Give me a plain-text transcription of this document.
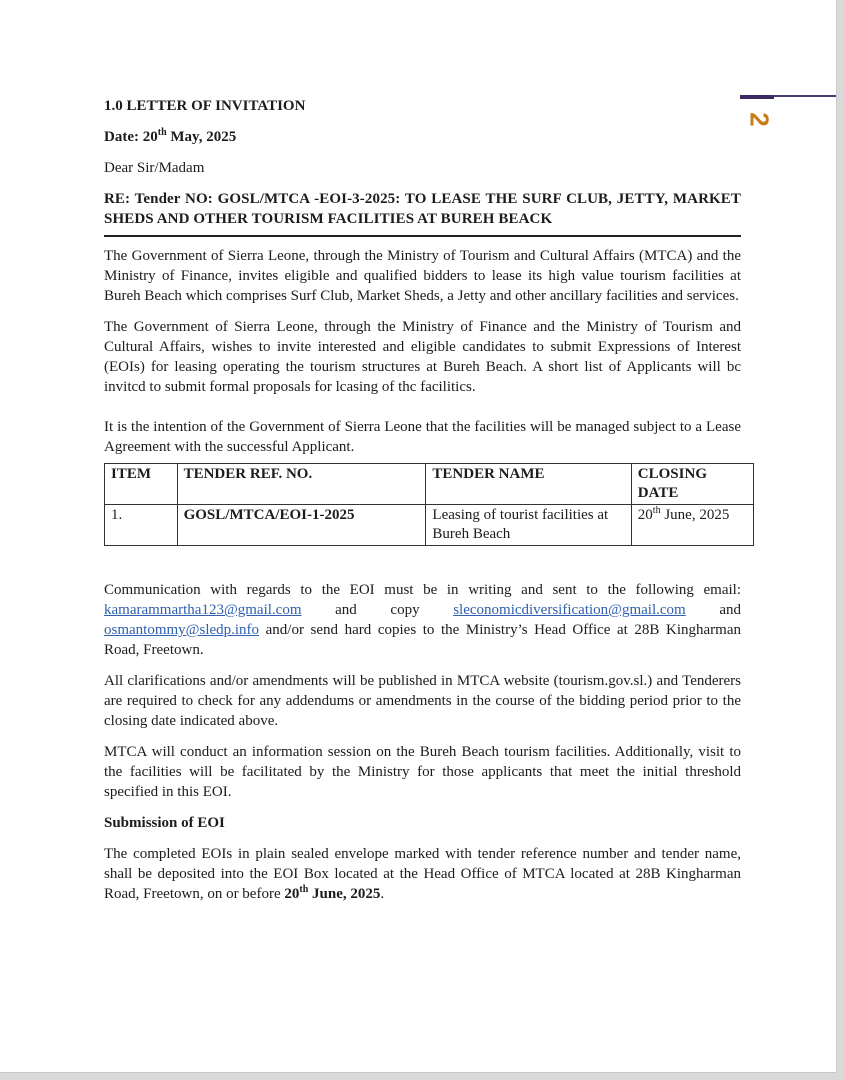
2
1.0 LETTER OF INVITATION
Date: 20th May, 2025
Dear Sir/Madam
RE: Tender NO: GOSL/MTCA -EOI-3-2025: TO LEASE THE SURF CLUB, JETTY, MARKET SHEDS AND OTHER TOURISM FACILITIES AT BUREH BEACK

The Government of Sierra Leone, through the Ministry of Tourism and Cultural Affairs (MTCA) and the Ministry of Finance, invites eligible and qualified bidders to lease its high value tourism facilities at Bureh Beach which comprises Surf Club, Market Sheds, a Jetty and other ancillary facilities and services.

The Government of Sierra Leone, through the Ministry of Finance and the Ministry of Tourism and Cultural Affairs, wishes to invite interested and eligible candidates to submit Expressions of Interest (EOIs) for leasing operating the tourism structures at Bureh Beach. A short list of Applicants will bc invitcd to submit formal proposals for lcasing of thc facilitics.

It is the intention of the Government of Sierra Leone that the facilities will be managed subject to a Lease Agreement with the successful Applicant.

ITEM	TENDER REF. NO.	TENDER NAME	CLOSING DATE
1.	GOSL/MTCA/EOI-1-2025	Leasing of tourist facilities at Bureh Beach	20th June, 2025

Communication with regards to the EOI must be in writing and sent to the following email: kamarammartha123@gmail.com and copy sleconomicdiversification@gmail.com and osmantommy@sledp.info and/or send hard copies to the Ministry’s Head Office at 28B Kingharman Road, Freetown.

All clarifications and/or amendments will be published in MTCA website (tourism.gov.sl.) and Tenderers are required to check for any addendums or amendments in the course of the bidding period prior to the closing date indicated above.

MTCA will conduct an information session on the Bureh Beach tourism facilities. Additionally, visit to the facilities will be facilitated by the Ministry for those applicants that meet the initial threshold specified in this EOI.

Submission of EOI

The completed EOIs in plain sealed envelope marked with tender reference number and tender name, shall be deposited into the EOI Box located at the Head Office of MTCA located at 28B Kingharman Road, Freetown, on or before 20th June, 2025.
